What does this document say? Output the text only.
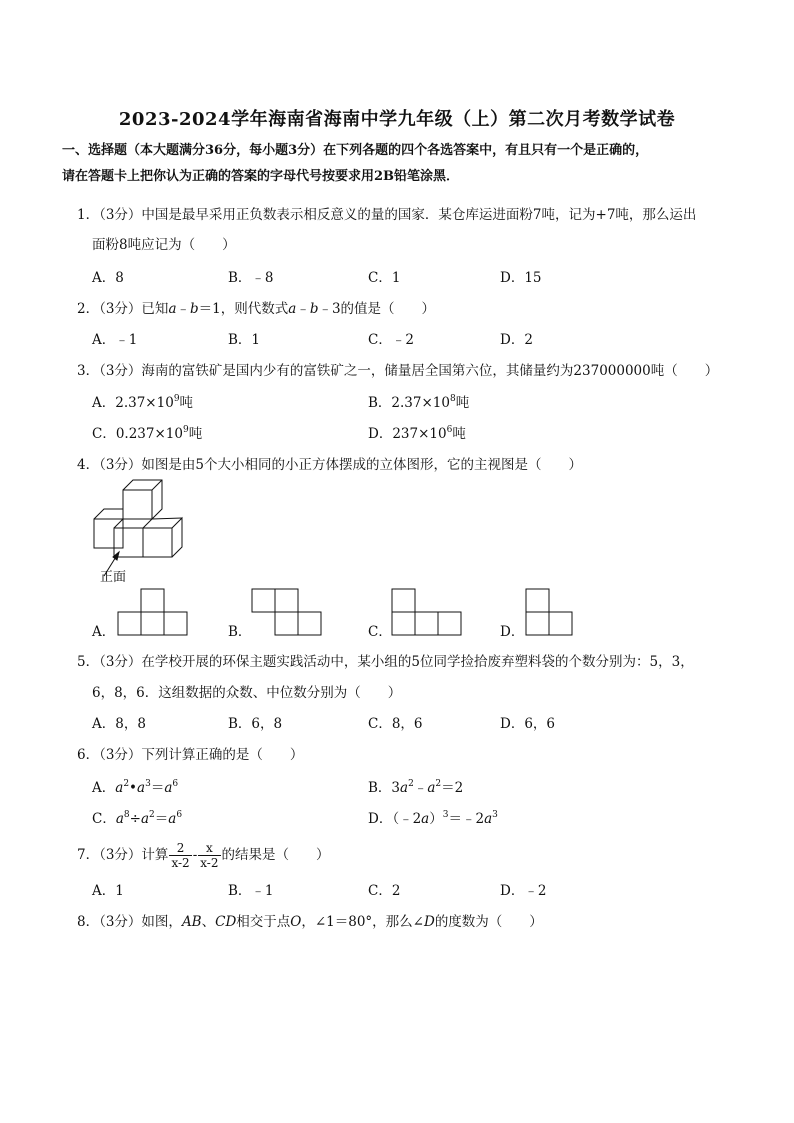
2023-2024学年海南省海南中学九年级（上）第二次月考数学试卷
一、选择题（本大题满分36分，每小题3分）在下列各题的四个各选答案中，有且只有一个是正确的，
请在答题卡上把你认为正确的答案的字母代号按要求用2B铅笔涂黑．
1．（3分）中国是最早采用正负数表示相反意义的量的国家．某仓库运进面粉7吨，记为+7吨，那么运出
面粉8吨应记为（　　）
A．8	B．﹣8	C．1	D．15
2．（3分）已知a﹣b＝1，则代数式a﹣b﹣3的值是（　　）
A．﹣1	B．1	C．﹣2	D．2
3．（3分）海南的富铁矿是国内少有的富铁矿之一，储量居全国第六位，其储量约为237000000吨（　　）
A．$2.37\times 10^9$吨	B．$2.37\times 10^8$吨
C．$0.237\times 10^9$吨	D．$237\times 10^6$吨
4．（3分）如图是由5个大小相同的小正方体摆成的立体图形，它的主视图是（　　）
正面
A．	B．	C．	D．
5．（3分）在学校开展的环保主题实践活动中，某小组的5位同学捡拾废弃塑料袋的个数分别为：5，3，
6，8，6．这组数据的众数、中位数分别为（　　）
A．8，8	B．6，8	C．8，6	D．6，6
6．（3分）下列计算正确的是（　　）
A．$a^2•a^3=a^6$	B．$3a^2﹣a^2=2$
C．$a^8\div a^2=a^6$	D．$(﹣2a)^3=﹣2a^3$
7．（3分）计算 $\frac{2}{x-2} - \frac{x}{x-2}$ 的结果是（　　）
A．1	B．﹣1	C．2	D．﹣2
8．（3分）如图，AB、CD相交于点O，∠1＝80°，那么∠D的度数为（　　）
